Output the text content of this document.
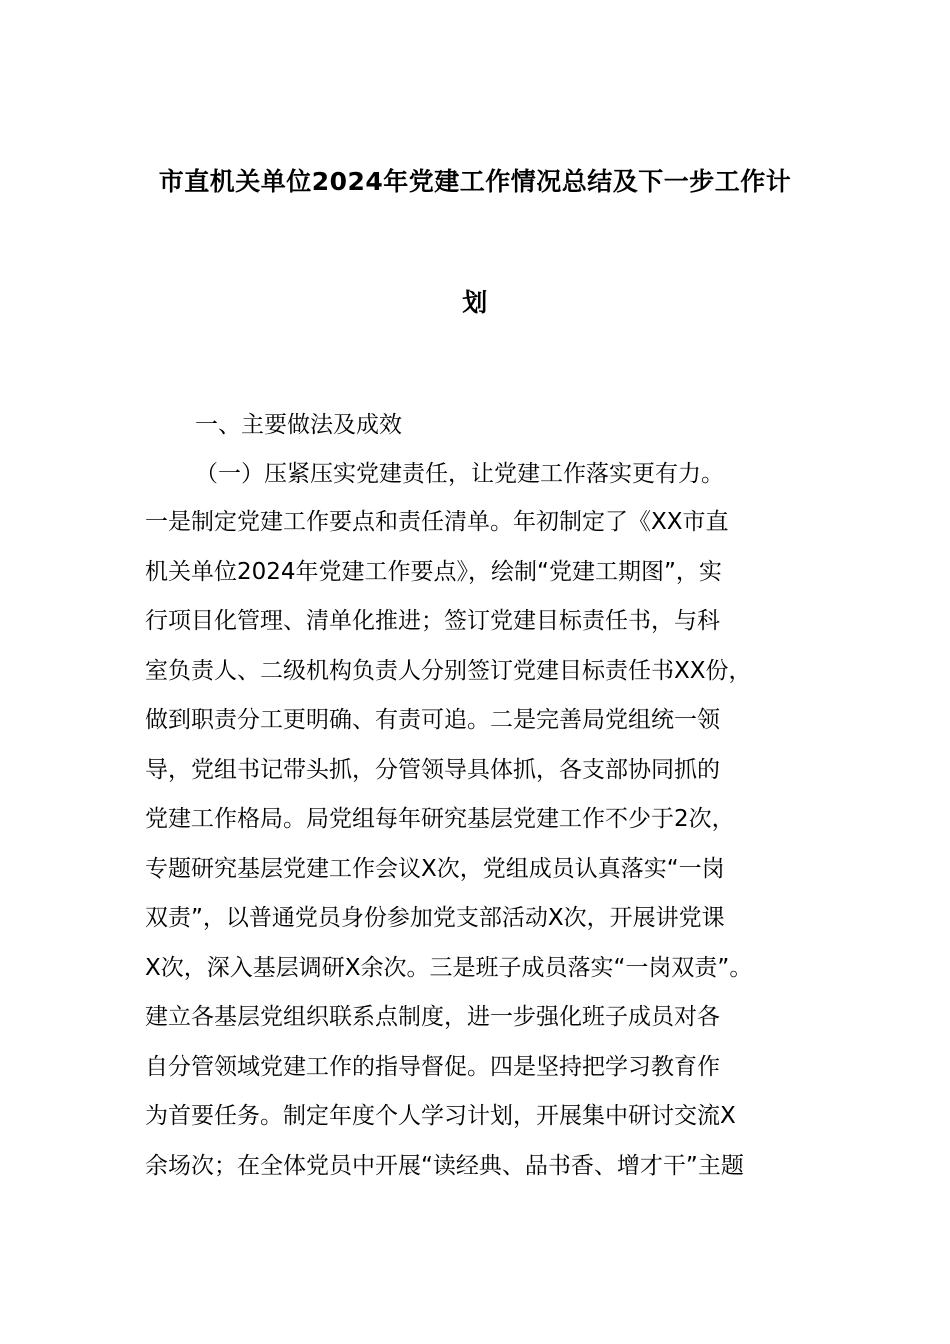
市直机关单位2024年党建工作情况总结及下一步工作计
划
一、主要做法及成效
（一）压紧压实党建责任，让党建工作落实更有力。
一是制定党建工作要点和责任清单。年初制定了《XX市直
机关单位2024年党建工作要点》，绘制“党建工期图”，实
行项目化管理、清单化推进；签订党建目标责任书，与科
室负责人、二级机构负责人分别签订党建目标责任书XX份，
做到职责分工更明确、有责可追。二是完善局党组统一领
导，党组书记带头抓，分管领导具体抓，各支部协同抓的
党建工作格局。局党组每年研究基层党建工作不少于2次，
专题研究基层党建工作会议X次，党组成员认真落实“一岗
双责”，以普通党员身份参加党支部活动X次，开展讲党课
X次，深入基层调研X余次。三是班子成员落实“一岗双责”。
建立各基层党组织联系点制度，进一步强化班子成员对各
自分管领域党建工作的指导督促。四是坚持把学习教育作
为首要任务。制定年度个人学习计划，开展集中研讨交流X
余场次；在全体党员中开展“读经典、品书香、增才干”主题
